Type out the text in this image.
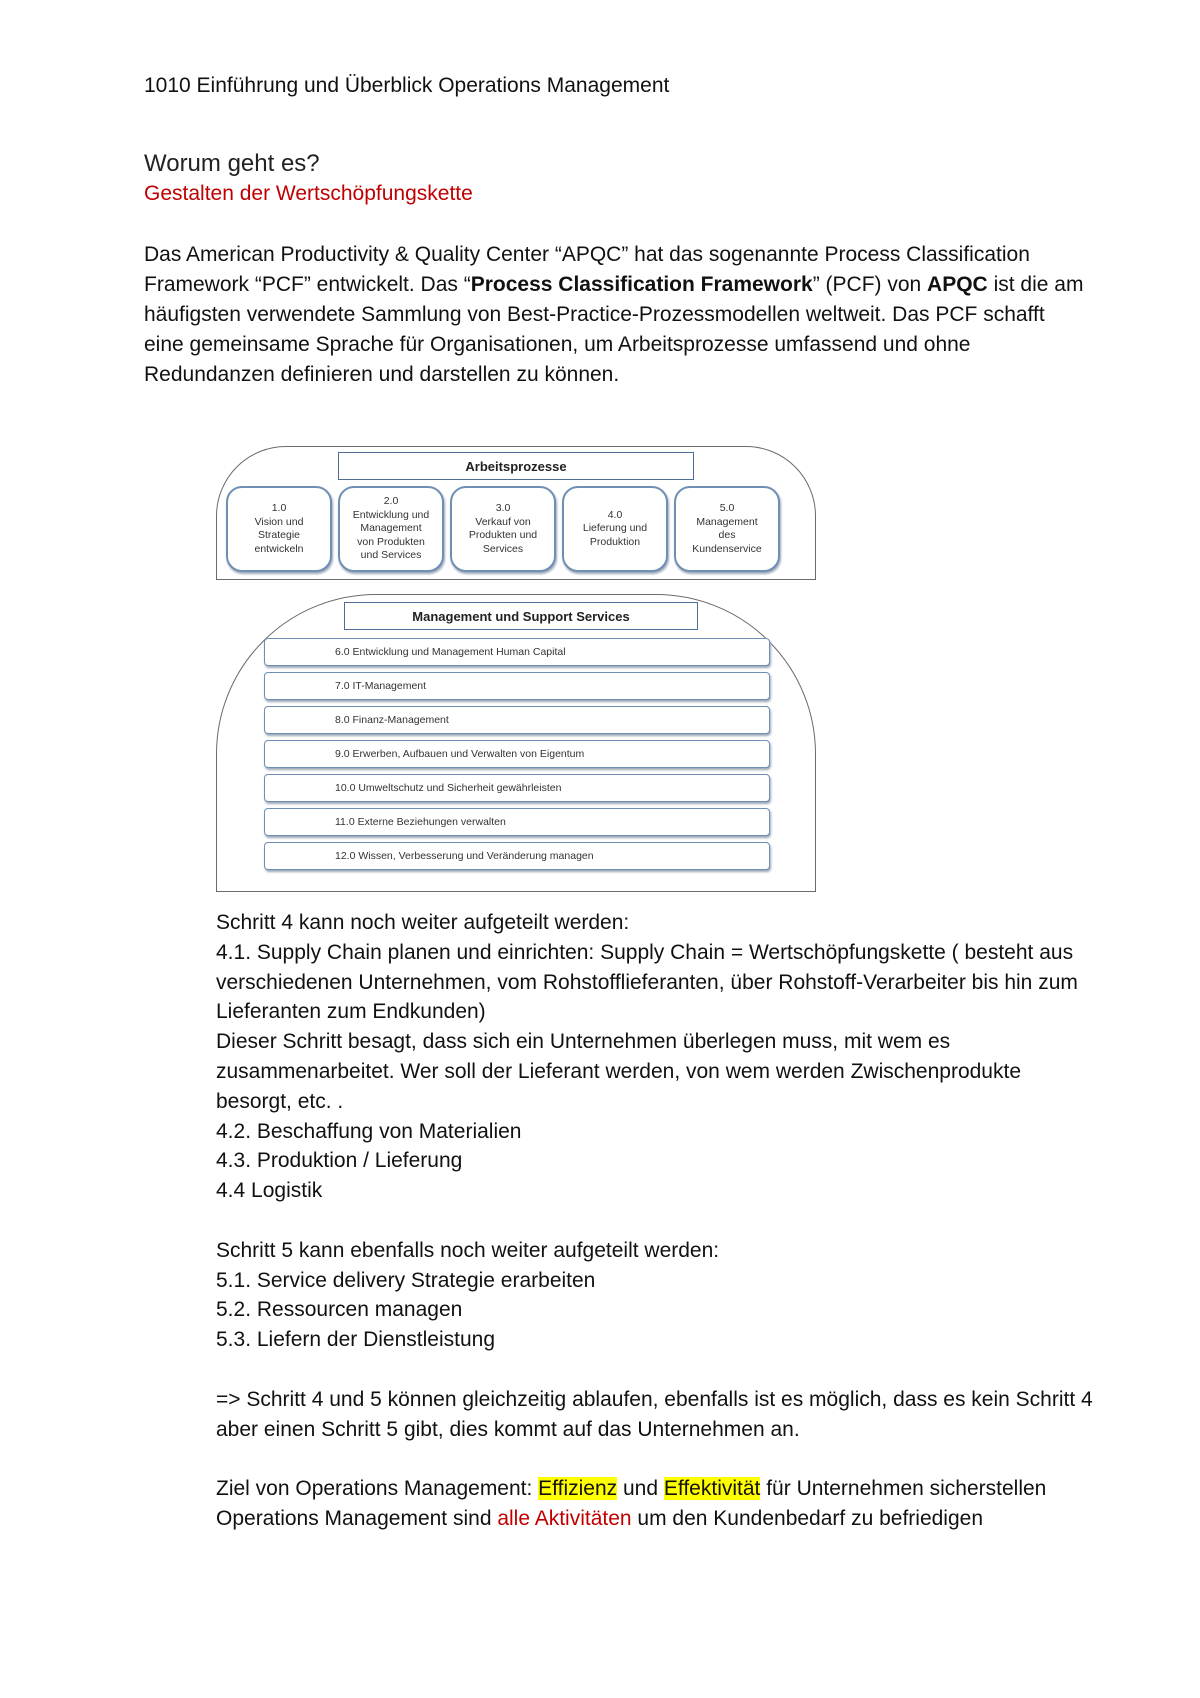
1010 Einführung und Überblick Operations Management
Worum geht es?
Gestalten der Wertschöpfungskette

Das American Productivity & Quality Center “APQC” hat das sogenannte Process Classification Framework “PCF” entwickelt. Das “Process Classification Framework” (PCF) von APQC ist die am häufigsten verwendete Sammlung von Best-Practice-Prozessmodellen weltweit. Das PCF schafft eine gemeinsame Sprache für Organisationen, um Arbeitsprozesse umfassend und ohne Redundanzen definieren und darstellen zu können.

Arbeitsprozesse
1.0
Vision und
Strategie
entwickeln
2.0
Entwicklung und
Management
von Produkten
und Services
3.0
Verkauf von
Produkten und
Services
4.0
Lieferung und
Produktion
5.0
Management
des
Kundenservice
Management und Support Services
6.0 Entwicklung und Management Human Capital
7.0 IT-Management
8.0 Finanz-Management
9.0 Erwerben, Aufbauen und Verwalten von Eigentum
10.0 Umweltschutz und Sicherheit gewährleisten
11.0 Externe Beziehungen verwalten
12.0 Wissen, Verbesserung und Veränderung managen

Schritt 4 kann noch weiter aufgeteilt werden:

4.1. Supply Chain planen und einrichten: Supply Chain = Wertschöpfungskette ( besteht aus verschiedenen Unternehmen, vom Rohstofflieferanten, über Rohstoff-Verarbeiter bis hin zum Lieferanten zum Endkunden)

Dieser Schritt besagt, dass sich ein Unternehmen überlegen muss, mit wem es zusammenarbeitet. Wer soll der Lieferant werden, von wem werden Zwischenprodukte besorgt, etc. .

4.2. Beschaffung von Materialien

4.3. Produktion / Lieferung

4.4 Logistik

Schritt 5 kann ebenfalls noch weiter aufgeteilt werden:

5.1. Service delivery Strategie erarbeiten

5.2. Ressourcen managen

5.3. Liefern der Dienstleistung

=> Schritt 4 und 5 können gleichzeitig ablaufen, ebenfalls ist es möglich, dass es kein Schritt 4 aber einen Schritt 5 gibt, dies kommt auf das Unternehmen an.

Ziel von Operations Management: Effizienz und Effektivität für Unternehmen sicherstellen

Operations Management sind alle Aktivitäten um den Kundenbedarf zu befriedigen
